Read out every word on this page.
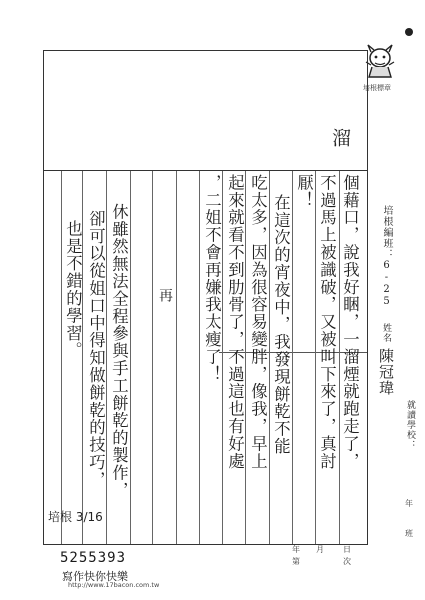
培根標章
溜
個藉口，說我好睏，一溜煙就跑走了，
不過馬上被識破，又被叫下來了，真討
厭！
在這次的宵夜中，我發現餅乾不能
吃太多，因為很容易變胖，像我，早上
起來就看不到肋骨了，不過這也有好處
，二姐不會再嫌我太瘦了！
再
休雖然無法全程參與手工餅乾的製作，
卻可以從姐口中得知做餅乾的技巧，
也是不錯的學習。
培根 3/16
培根編班：6-25
姓名
陳冠瑋
就讀學校：
年
班
年 月 日
第	次
5255393
寫作快你快樂
http://www.17bacon.com.tw
